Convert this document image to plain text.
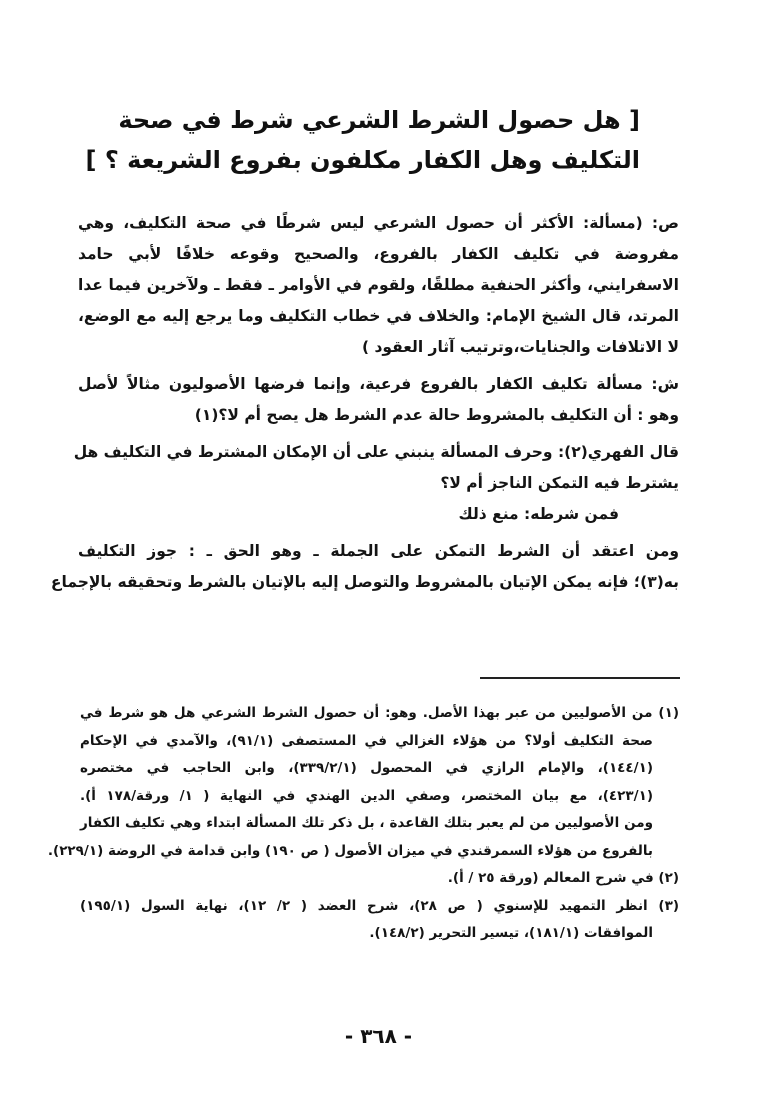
[ هل حصول الشرط الشرعي شرط في صحة
التكليف وهل الكفار مكلفون بفروع الشريعة ؟ ]
ص: (مسألة: الأكثر أن حصول الشرعي ليس شرطًا في صحة التكليف، وهي
مفروضة في تكليف الكفار بالفروع، والصحيح وقوعه خلافًا لأبي حامد
الاسفرايني، وأكثر الحنفية مطلقًا، ولقوم في الأوامر ـ فقط ـ ولآخرين فيما عدا
المرتد، قال الشيخ الإمام: والخلاف في خطاب التكليف وما يرجع إليه مع الوضع،
لا الاتلافات والجنايات،وترتيب آثار العقود )
ش: مسألة تكليف الكفار بالفروع فرعية، وإنما فرضها الأصوليون مثالاً لأصل
وهو : أن التكليف بالمشروط حالة عدم الشرط هل يصح أم لا؟(١)
قال الفهري(٢): وحرف المسألة ينبني على أن الإمكان المشترط في التكليف هل
يشترط فيه التمكن الناجز أم لا؟
فمن شرطه: منع ذلك
ومن اعتقد أن الشرط التمكن على الجملة ـ وهو الحق ـ : جوز التكليف
به(٣)؛ فإنه يمكن الإتيان بالمشروط والتوصل إليه بالإتيان بالشرط وتحقيقه بالإجماع
(١) من الأصوليين من عبر بهذا الأصل. وهو: أن حصول الشرط الشرعي هل هو شرط في
صحة التكليف أولا؟ من هؤلاء الغزالي في المستصفى (٩١/١)، والآمدي في الإحكام
(١٤٤/١)، والإمام الرازي في المحصول (٣٣٩/٢/١)، وابن الحاجب في مختصره
(٤٢٣/١)، مع بيان المختصر، وصفي الدين الهندي في النهاية ( ١/ ورقة/١٧٨ أ).
ومن الأصوليين من لم يعبر بتلك القاعدة ، بل ذكر تلك المسألة ابتداء وهي تكليف الكفار
بالفروع من هؤلاء السمرقندي في ميزان الأصول ( ص ١٩٠) وابن قدامة في الروضة (٢٢٩/١).
(٢) في شرح المعالم (ورقة ٢٥ / أ).
(٣) انظر التمهيد للإسنوي ( ص ٢٨)، شرح العضد ( ٢/ ١٢)، نهاية السول (١٩٥/١)
الموافقات (١٨١/١)، تيسير التحرير (١٤٨/٢).
- ٣٦٨ -
